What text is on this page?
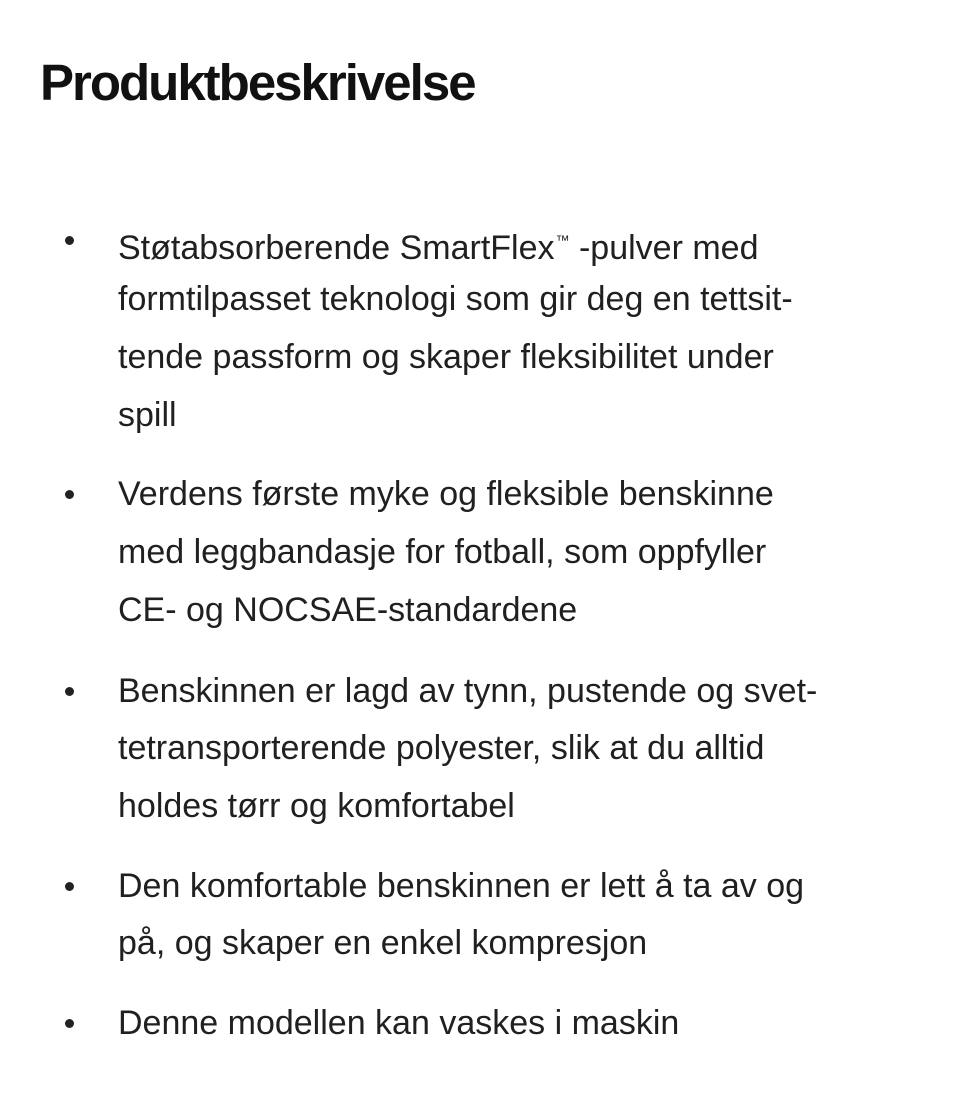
Produktbeskrivelse

Støtabsorberende SmartFlex™ -pulver med

formtilpasset teknologi som gir deg en tettsit-

tende passform og skaper fleksibilitet under

spill

Verdens første myke og fleksible benskinne

med leggbandasje for fotball, som oppfyller

CE- og NOCSAE-standardene

Benskinnen er lagd av tynn, pustende og svet-

tetransporterende polyester, slik at du alltid

holdes tørr og komfortabel

Den komfortable benskinnen er lett å ta av og

på, og skaper en enkel kompresjon

Denne modellen kan vaskes i maskin
